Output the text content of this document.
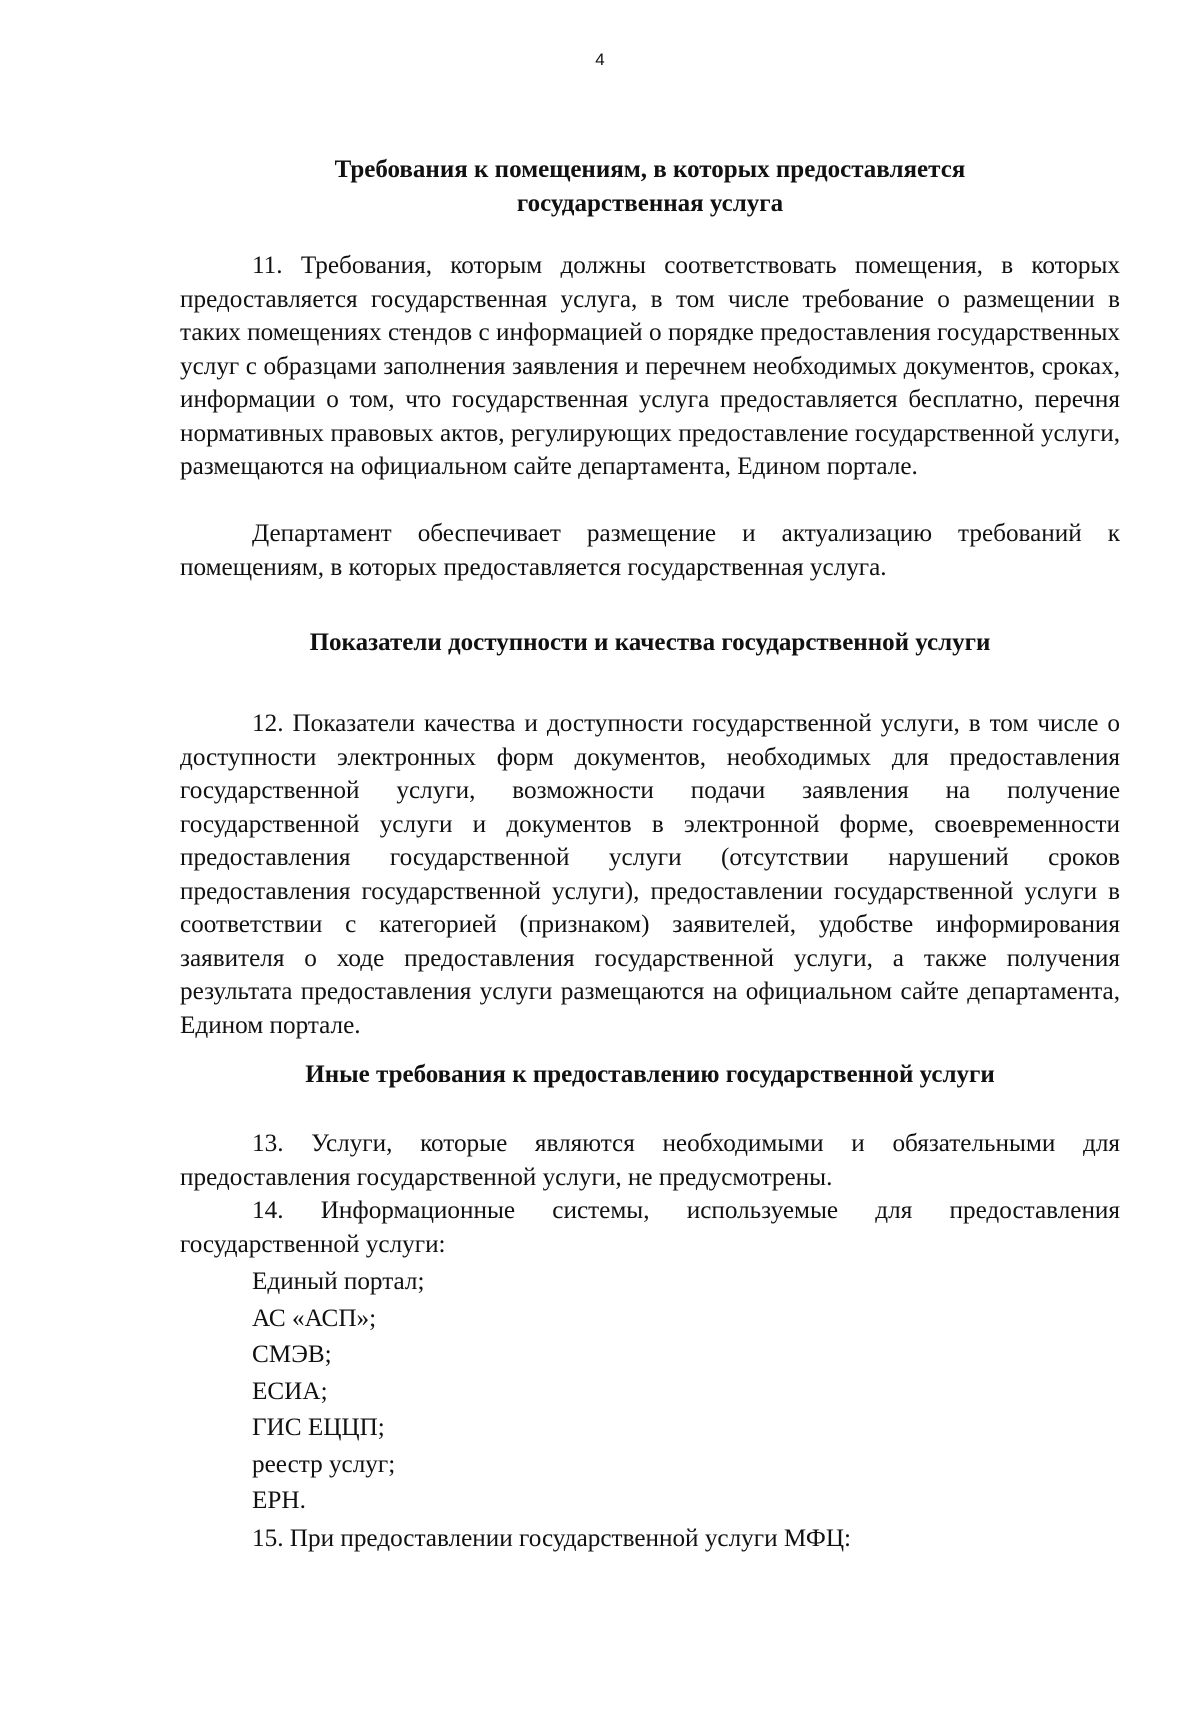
4
Требования к помещениям, в которых предоставляется
государственная услуга

11. Требования, которым должны соответствовать помещения, в которых предоставляется государственная услуга, в том числе требование о размещении в таких помещениях стендов с информацией о порядке предоставления государственных услуг с образцами заполнения заявления и перечнем необходимых документов, сроках, информации о том, что государственная услуга предоставляется бесплатно, перечня нормативных правовых актов, регулирующих предоставление государственной услуги, размещаются на официальном сайте департамента, Едином портале.

Департамент обеспечивает размещение и актуализацию требований к помещениям, в которых предоставляется государственная услуга.

Показатели доступности и качества государственной услуги

12. Показатели качества и доступности государственной услуги, в том числе о доступности электронных форм документов, необходимых для предоставления государственной услуги, возможности подачи заявления на получение государственной услуги и документов в электронной форме, своевременности предоставления государственной услуги (отсутствии нарушений сроков предоставления государственной услуги), предоставлении государственной услуги в соответствии с категорией (признаком) заявителей, удобстве информирования заявителя о ходе предоставления государственной услуги, а также получения результата предоставления услуги размещаются на официальном сайте департамента, Едином портале.

Иные требования к предоставлению государственной услуги

13. Услуги, которые являются необходимыми и обязательными для предоставления государственной услуги, не предусмотрены.

14. Информационные системы, используемые для предоставления государственной услуги:

Единый портал;
АС «АСП»;
СМЭВ;
ЕСИА;
ГИС ЕЦЦП;
реестр услуг;
ЕРН.

15. При предоставлении государственной услуги МФЦ:
